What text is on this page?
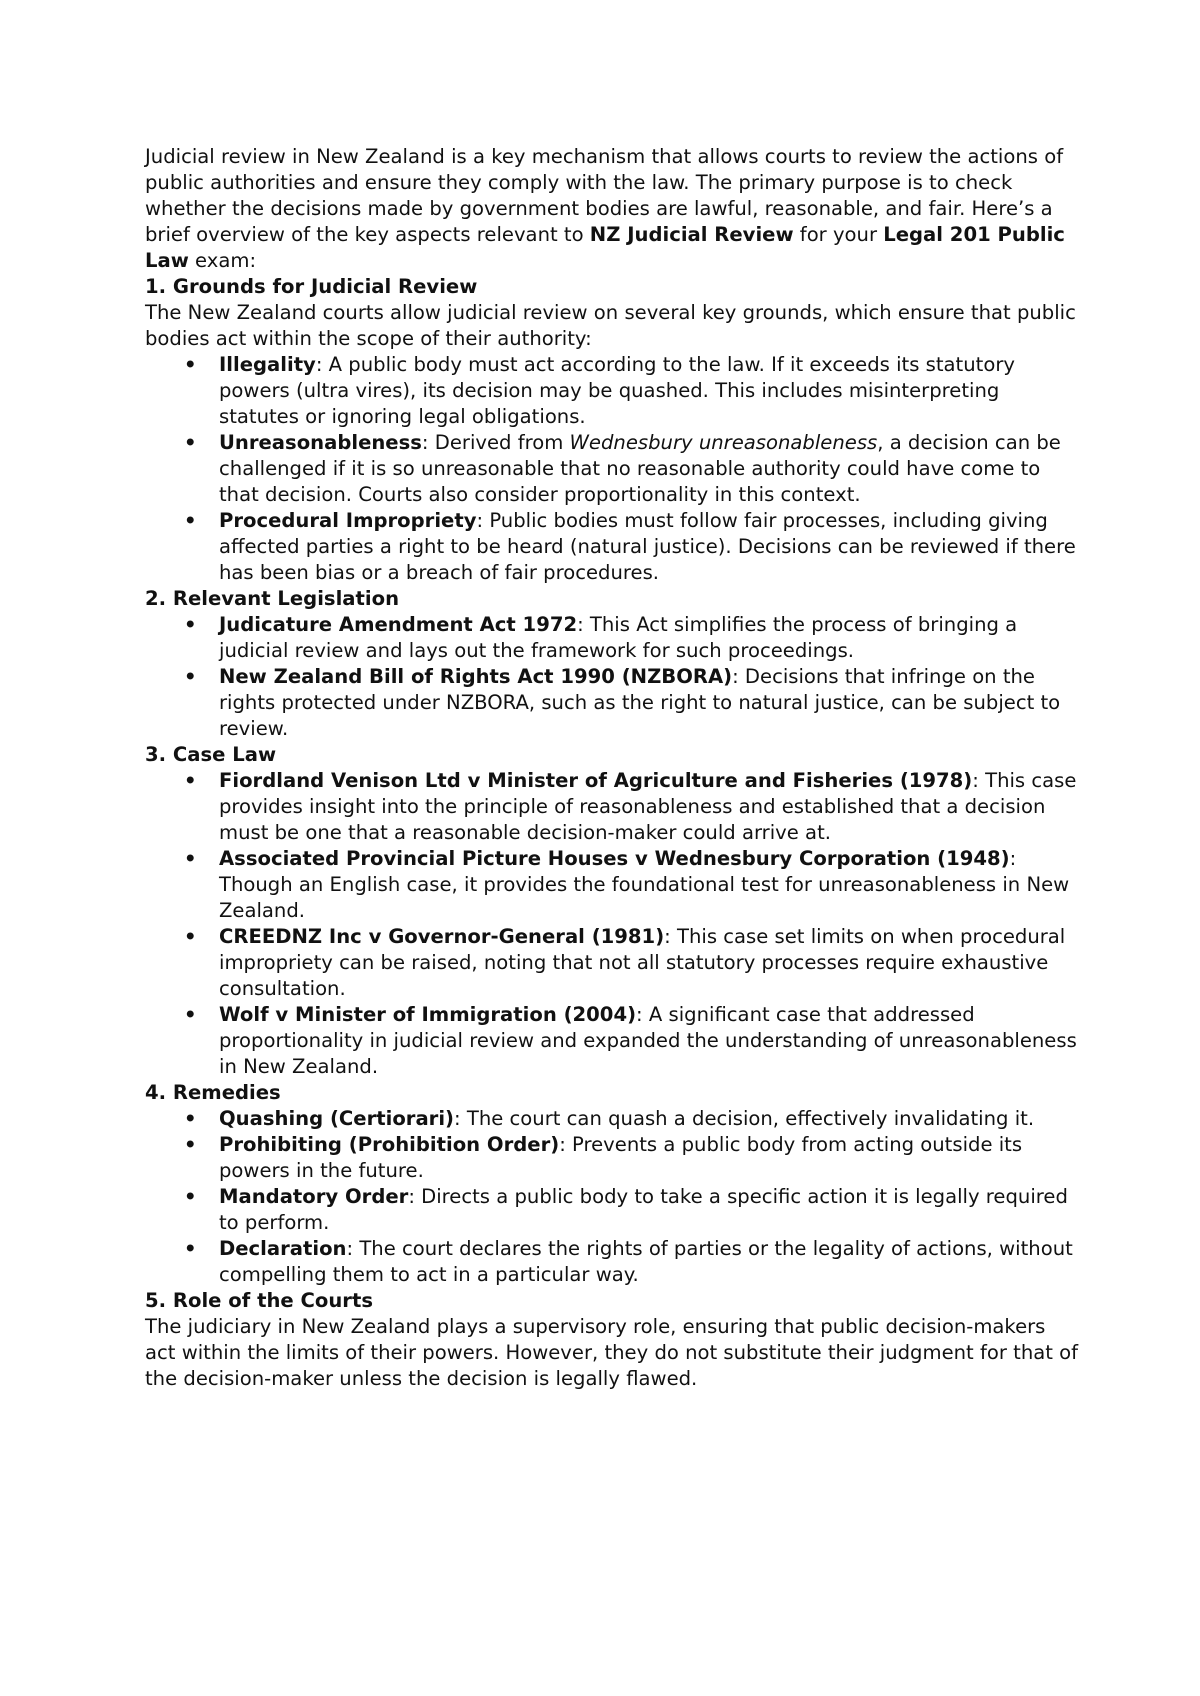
Judicial review in New Zealand is a key mechanism that allows courts to review the actions of public authorities and ensure they comply with the law. The primary purpose is to check whether the decisions made by government bodies are lawful, reasonable, and fair. Here’s a brief overview of the key aspects relevant to NZ Judicial Review for your Legal 201 Public Law exam:

1. Grounds for Judicial Review

The New Zealand courts allow judicial review on several key grounds, which ensure that public bodies act within the scope of their authority:

• Illegality: A public body must act according to the law. If it exceeds its statutory powers (ultra vires), its decision may be quashed. This includes misinterpreting statutes or ignoring legal obligations.
• Unreasonableness: Derived from Wednesbury unreasonableness, a decision can be challenged if it is so unreasonable that no reasonable authority could have come to that decision. Courts also consider proportionality in this context.
• Procedural Impropriety: Public bodies must follow fair processes, including giving affected parties a right to be heard (natural justice). Decisions can be reviewed if there has been bias or a breach of fair procedures.

2. Relevant Legislation

• Judicature Amendment Act 1972: This Act simplifies the process of bringing a judicial review and lays out the framework for such proceedings.
• New Zealand Bill of Rights Act 1990 (NZBORA): Decisions that infringe on the rights protected under NZBORA, such as the right to natural justice, can be subject to review.

3. Case Law

• Fiordland Venison Ltd v Minister of Agriculture and Fisheries (1978): This case provides insight into the principle of reasonableness and established that a decision must be one that a reasonable decision-maker could arrive at.
• Associated Provincial Picture Houses v Wednesbury Corporation (1948): Though an English case, it provides the foundational test for unreasonableness in New Zealand.
• CREEDNZ Inc v Governor-General (1981): This case set limits on when procedural impropriety can be raised, noting that not all statutory processes require exhaustive consultation.
• Wolf v Minister of Immigration (2004): A significant case that addressed proportionality in judicial review and expanded the understanding of unreasonableness in New Zealand.

4. Remedies

• Quashing (Certiorari): The court can quash a decision, effectively invalidating it.
• Prohibiting (Prohibition Order): Prevents a public body from acting outside its powers in the future.
• Mandatory Order: Directs a public body to take a specific action it is legally required to perform.
• Declaration: The court declares the rights of parties or the legality of actions, without compelling them to act in a particular way.

5. Role of the Courts

The judiciary in New Zealand plays a supervisory role, ensuring that public decision-makers act within the limits of their powers. However, they do not substitute their judgment for that of the decision-maker unless the decision is legally flawed.
